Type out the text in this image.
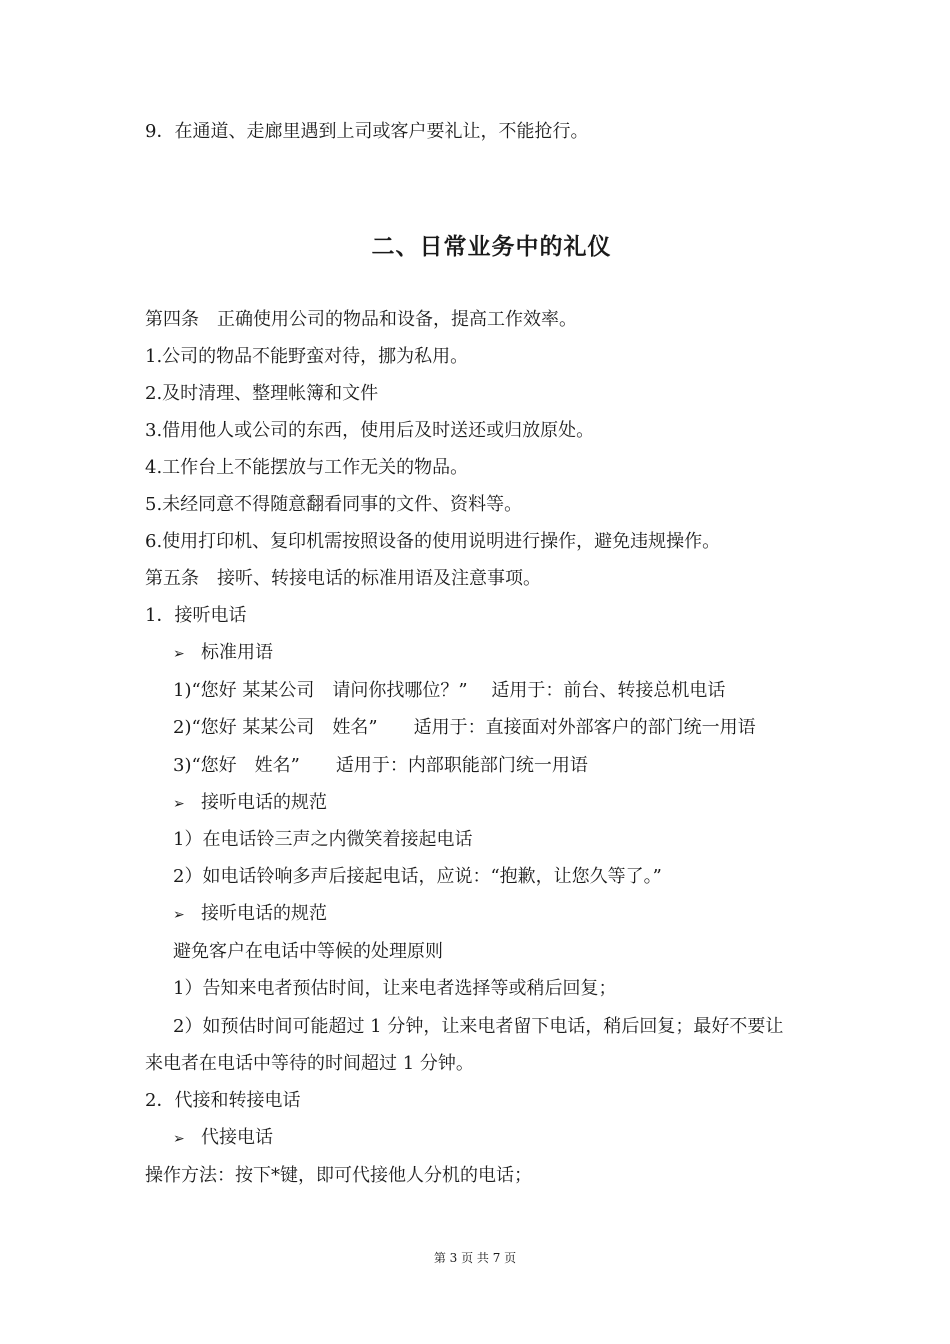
9．在通道、走廊里遇到上司或客户要礼让，不能抢行。
二、日常业务中的礼仪
第四条　正确使用公司的物品和设备，提高工作效率。
1.公司的物品不能野蛮对待，挪为私用。
2.及时清理、整理帐簿和文件
3.借用他人或公司的东西，使用后及时送还或归放原处。
4.工作台上不能摆放与工作无关的物品。
5.未经同意不得随意翻看同事的文件、资料等。
6.使用打印机、复印机需按照设备的使用说明进行操作，避免违规操作。
第五条　接听、转接电话的标准用语及注意事项。
1．接听电话
➢ 标准用语
1)“您好 某某公司　请问你找哪位？”　 适用于：前台、转接总机电话
2)“您好 某某公司　姓名”　　适用于：直接面对外部客户的部门统一用语
3)“您好　姓名”　　适用于：内部职能部门统一用语
➢ 接听电话的规范
1）在电话铃三声之内微笑着接起电话
2）如电话铃响多声后接起电话，应说：“抱歉，让您久等了。”
➢ 接听电话的规范
避免客户在电话中等候的处理原则
1）告知来电者预估时间，让来电者选择等或稍后回复；
2）如预估时间可能超过 1 分钟，让来电者留下电话，稍后回复；最好不要让
来电者在电话中等待的时间超过 1 分钟。
2．代接和转接电话
➢ 代接电话
操作方法：按下*键，即可代接他人分机的电话；
第 3 页 共 7 页
